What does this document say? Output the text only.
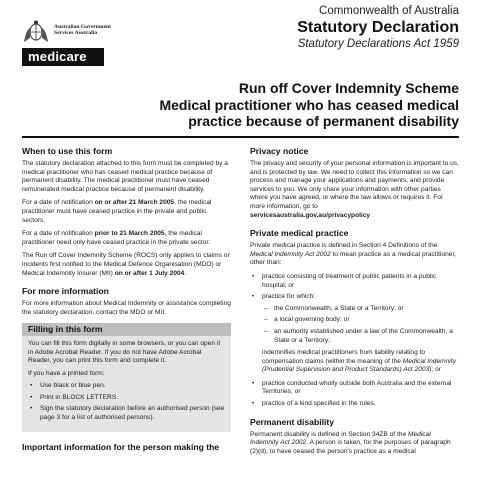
Australian Government
Services Australia
medicare
Commonwealth of Australia
Statutory Declaration
Statutory Declarations Act 1959
Run off Cover Indemnity Scheme
Medical practitioner who has ceased medical
practice because of permanent disability
When to use this form

The statutory declaration attached to this form must be completed by a medical practitioner who has ceased medical practice because of permanent disability. The medical practitioner must have ceased remunerated medical practice because of permanent disability.

For a date of notification on or after 21 March 2005, the medical practitioner must have ceased practice in the private and public sectors.

For a date of notification prior to 21 March 2005, the medical practitioner need only have ceased practice in the private sector.

The Run off Cover Indemnity Scheme (ROCS) only applies to claims or incidents first notified to the Medical Defence Organisation (MDO) or Medical Indemnity Insurer (MII) on or after 1 July 2004.

For more information

For more information about Medical Indemnity or assistance completing the statutory declaration, contact the MDO or MII.

Filling in this form

You can fill this form digitally in some browsers, or you can open it in Adobe Acrobat Reader. If you do not have Adobe Acrobat Reader, you can print this form and complete it.

If you have a printed form:

• Use black or blue pen.
• Print in BLOCK LETTERS.
• Sign the statutory declaration before an authorised person (see page 3 for a list of authorised persons).
Important information for the person making the
Privacy notice

The privacy and security of your personal information is important to us, and is protected by law. We need to collect this information so we can process and manage your applications and payments, and provide services to you. We only share your information with other parties where you have agreed, or where the law allows or requires it. For more information, go to
servicesaustralia.gov.au/privacypolicy

Private medical practice

Private medical practice is defined in Section 4 Definitions of the Medical Indemnity Act 2002 to mean practice as a medical practitioner, other than:

• practice consisting of treatment of public patients in a public hospital; or
• practice for which:
– the Commonwealth, a State or a Territory; or
– a local governing body; or
– an authority established under a law of the Commonwealth, a State or a Territory;

indemnifies medical practitioners from liability relating to compensation claims (within the meaning of the Medical Indemnity (Prudential Supervision and Product Standards) Act 2003); or

• practice conducted wholly outside both Australia and the external Territories; or
• practice of a kind specified in the rules.
Permanent disability

Permanent disability is defined in Section 34ZB of the Medical Indemnity Act 2002. A person is taken, for the purposes of paragraph (2)(d), to have ceased the person's practice as a medical
